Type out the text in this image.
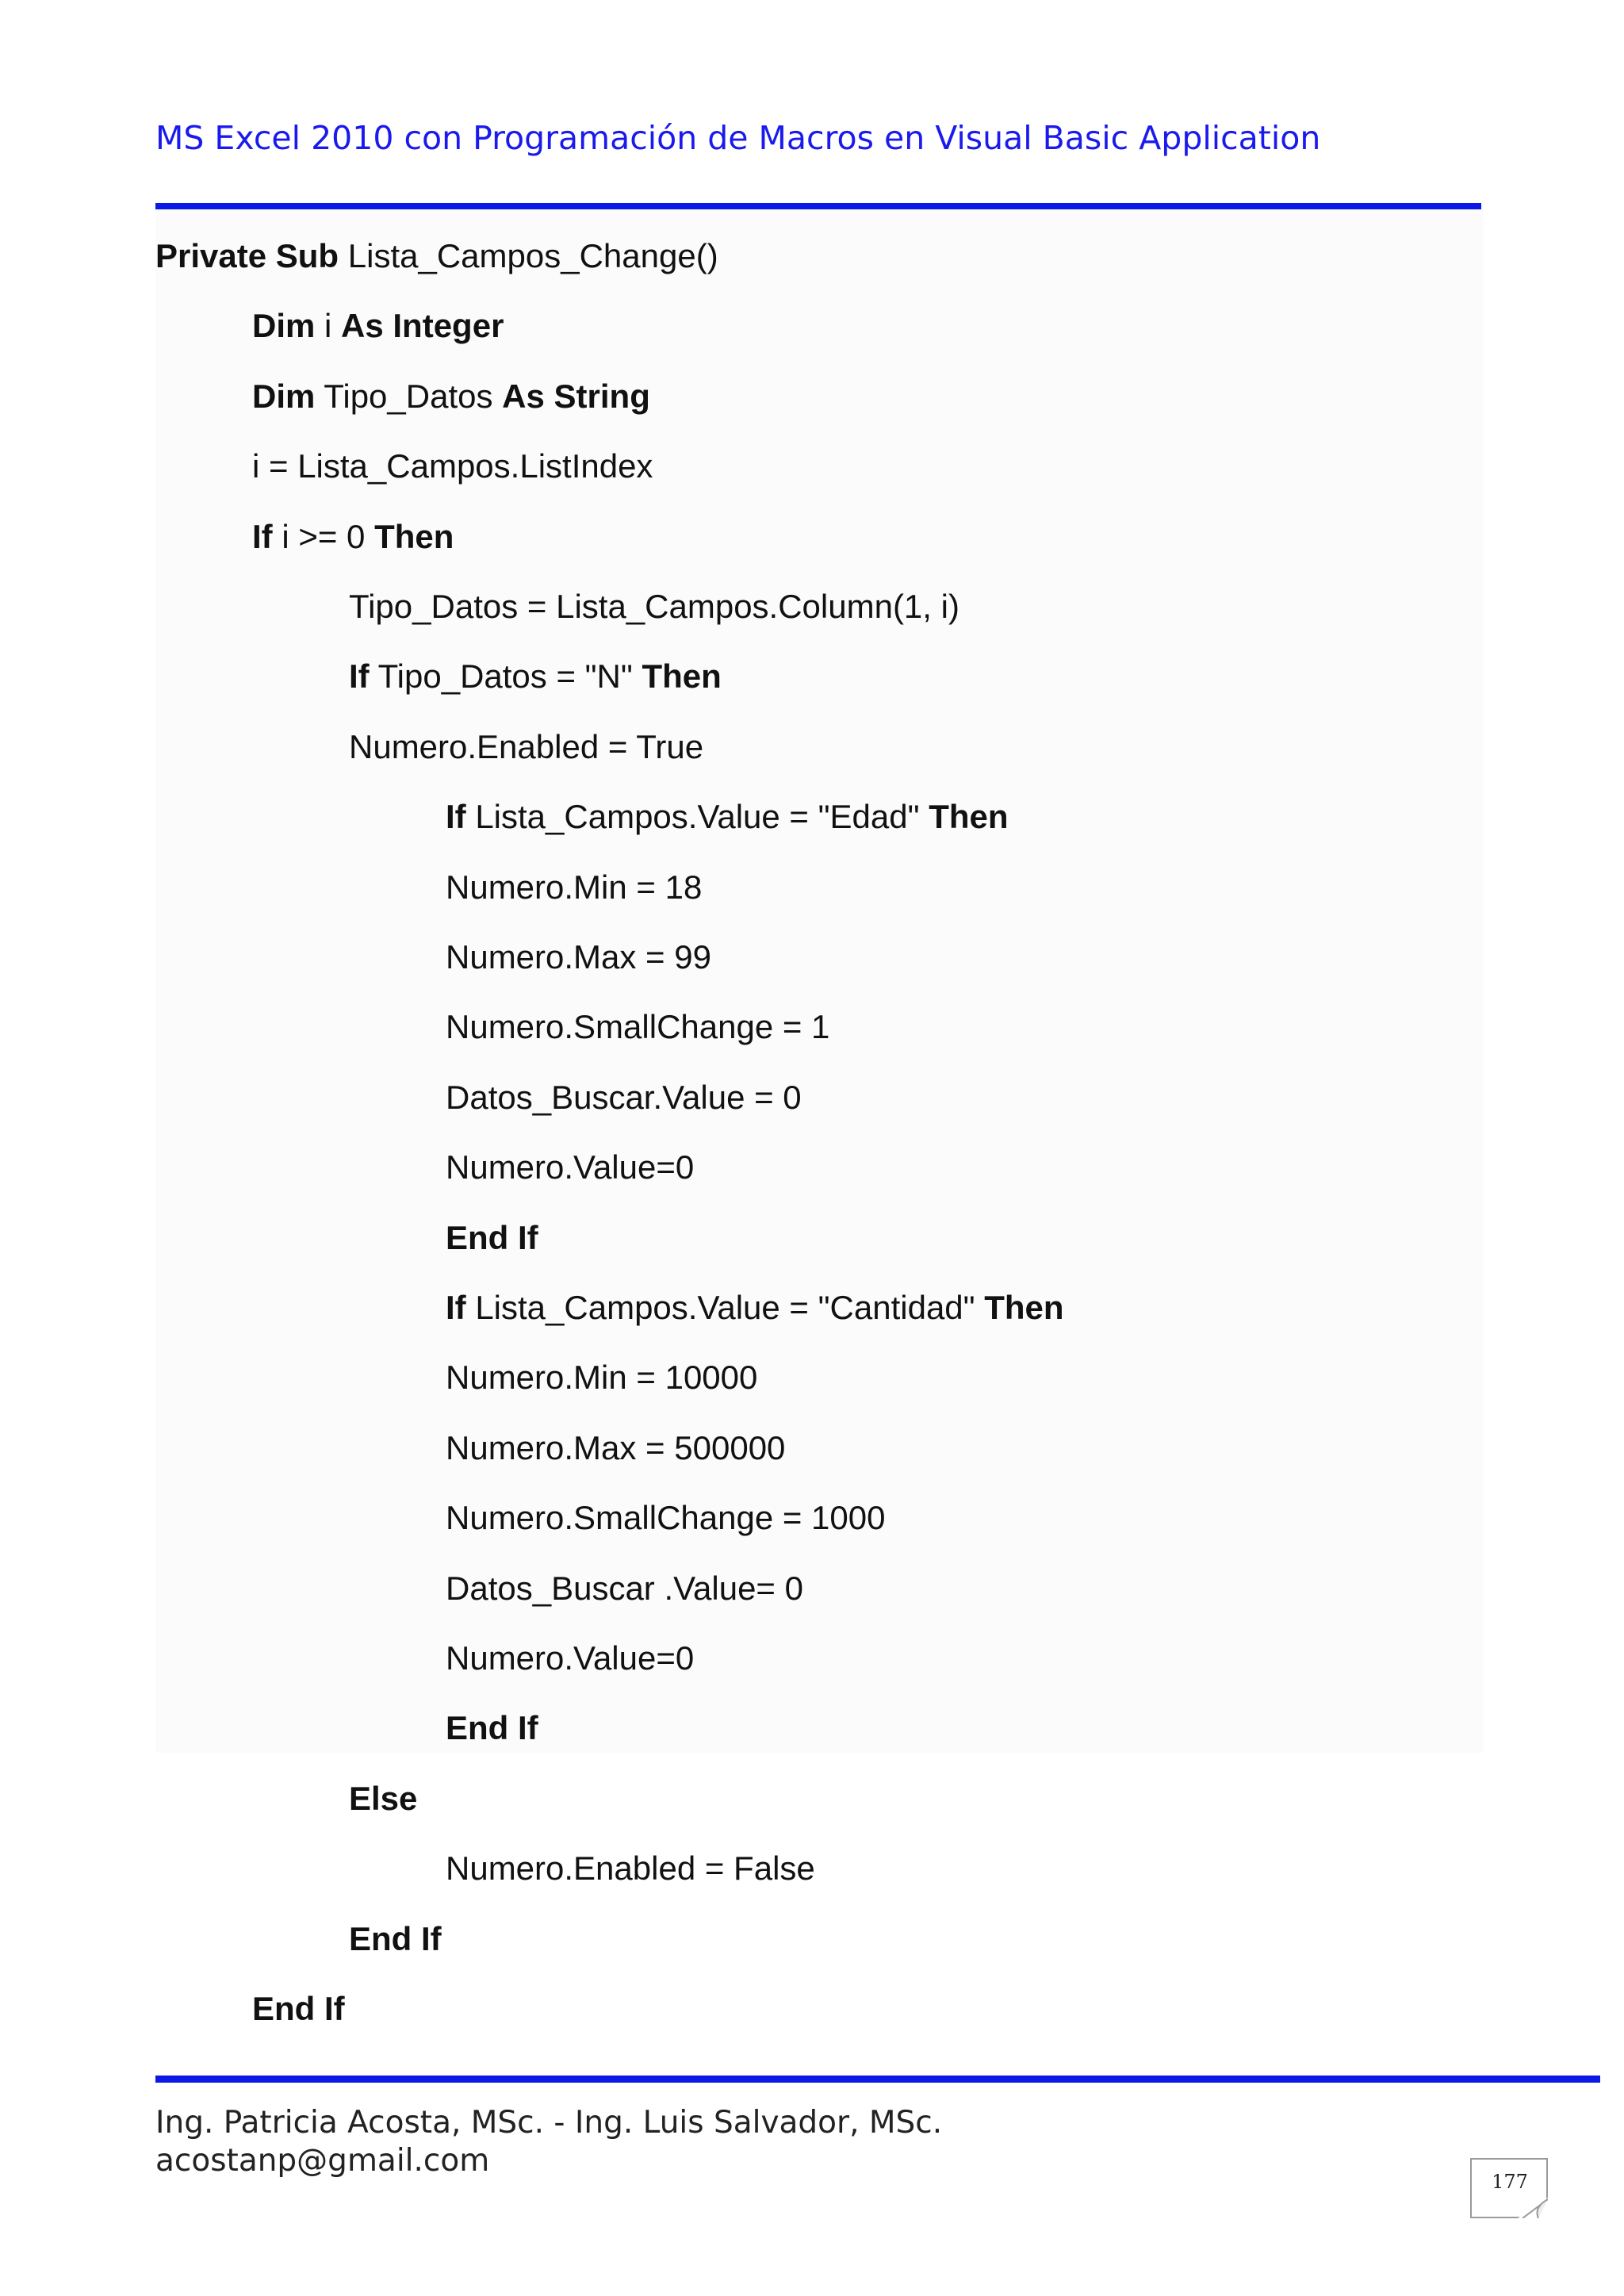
MS Excel 2010 con Programación de Macros en Visual Basic Application
Private Sub Lista_Campos_Change()
Dim i As Integer
Dim Tipo_Datos As String
i = Lista_Campos.ListIndex
If i >= 0 Then
Tipo_Datos = Lista_Campos.Column(1, i)
If Tipo_Datos = "N" Then
Numero.Enabled = True
If Lista_Campos.Value = "Edad" Then
Numero.Min = 18
Numero.Max = 99
Numero.SmallChange = 1
Datos_Buscar.Value = 0
Numero.Value=0
End If
If Lista_Campos.Value = "Cantidad" Then
Numero.Min = 10000
Numero.Max = 500000
Numero.SmallChange = 1000
Datos_Buscar .Value= 0
Numero.Value=0
End If
Else
Numero.Enabled = False
End If
End If
Ing. Patricia Acosta, MSc. - Ing. Luis Salvador, MSc.
acostanp@gmail.com
177
